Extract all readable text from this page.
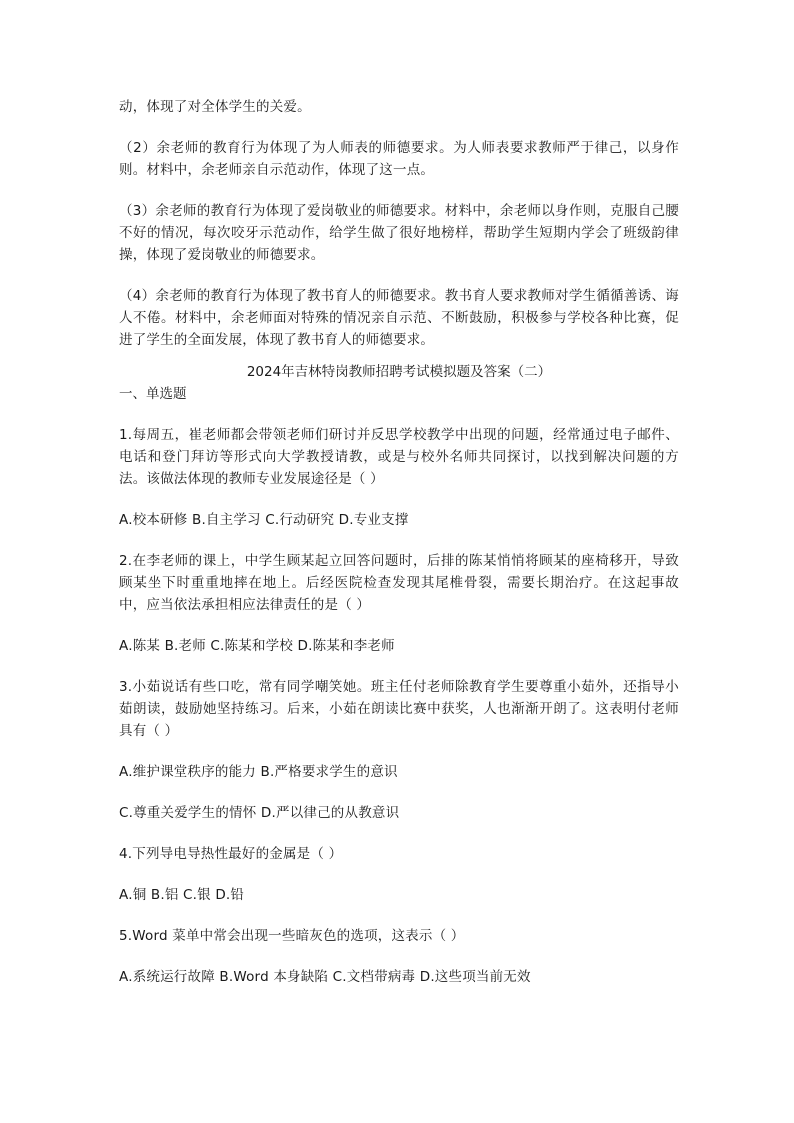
动，体现了对全体学生的关爱。

（2）余老师的教育行为体现了为人师表的师德要求。为人师表要求教师严于律己，以身作则。材料中，余老师亲自示范动作，体现了这一点。

（3）余老师的教育行为体现了爱岗敬业的师德要求。材料中，余老师以身作则，克服自己腰不好的情况，每次咬牙示范动作，给学生做了很好地榜样，帮助学生短期内学会了班级韵律操，体现了爱岗敬业的师德要求。

（4）余老师的教育行为体现了教书育人的师德要求。教书育人要求教师对学生循循善诱、诲人不倦。材料中，余老师面对特殊的情况亲自示范、不断鼓励，积极参与学校各种比赛，促进了学生的全面发展，体现了教书育人的师德要求。

2024年吉林特岗教师招聘考试模拟题及答案（二）

一、单选题

1.每周五，崔老师都会带领老师们研讨并反思学校教学中出现的问题，经常通过电子邮件、电话和登门拜访等形式向大学教授请教，或是与校外名师共同探讨，以找到解决问题的方法。该做法体现的教师专业发展途径是（ ）

A.校本研修 B.自主学习 C.行动研究 D.专业支撑

2.在李老师的课上，中学生顾某起立回答问题时，后排的陈某悄悄将顾某的座椅移开，导致顾某坐下时重重地摔在地上。后经医院检查发现其尾椎骨裂，需要长期治疗。在这起事故中，应当依法承担相应法律责任的是（ ）

A.陈某 B.老师 C.陈某和学校 D.陈某和李老师

3.小茹说话有些口吃，常有同学嘲笑她。班主任付老师除教育学生要尊重小茹外，还指导小茹朗读，鼓励她坚持练习。后来，小茹在朗读比赛中获奖，人也渐渐开朗了。这表明付老师具有（ ）

A.维护课堂秩序的能力 B.严格要求学生的意识

C.尊重关爱学生的情怀 D.严以律己的从教意识

4.下列导电导热性最好的金属是（ ）

A.铜 B.铝 C.银 D.铅

5.Word 菜单中常会出现一些暗灰色的选项，这表示（ ）

A.系统运行故障 B.Word 本身缺陷 C.文档带病毒 D.这些项当前无效
